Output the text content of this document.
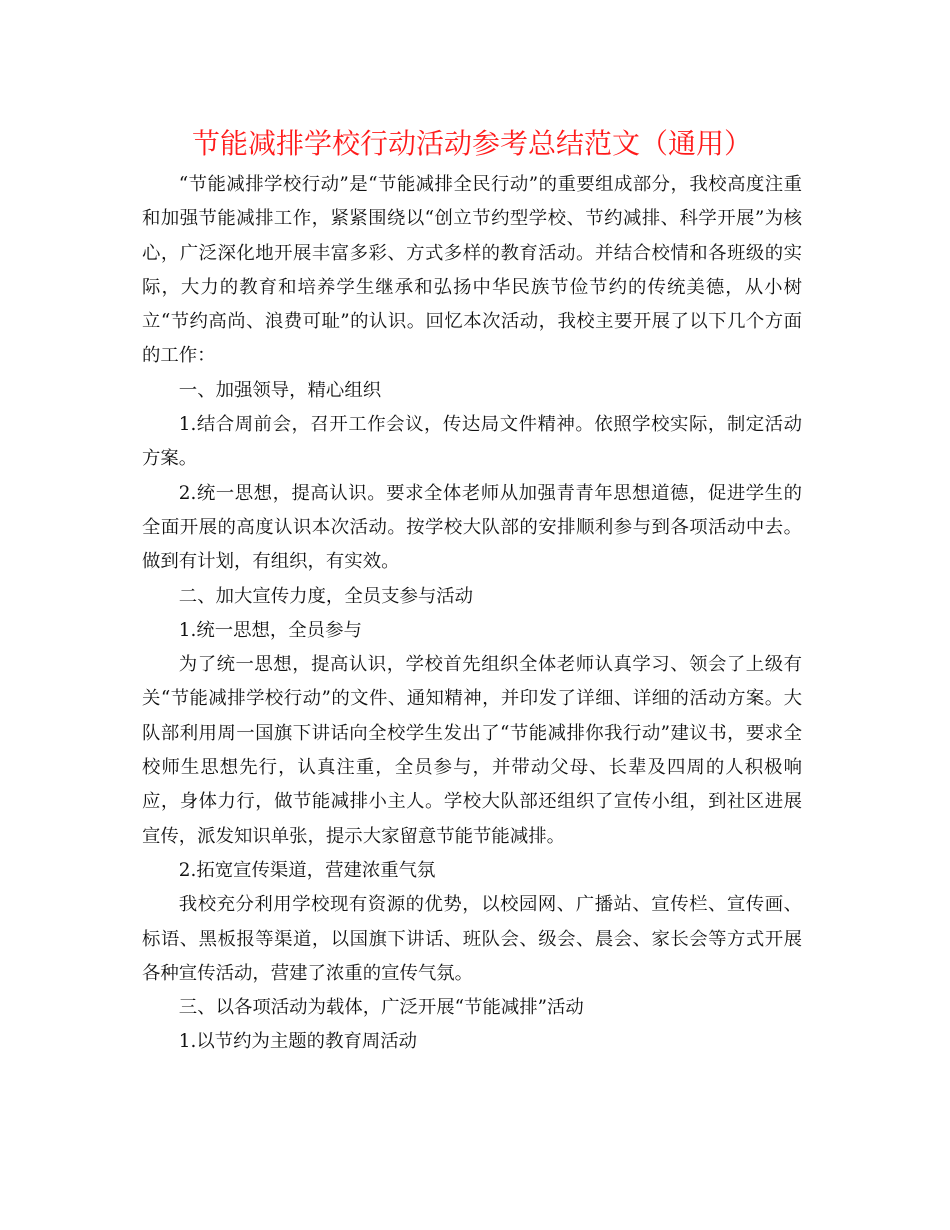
节能减排学校行动活动参考总结范文（通用）

“节能减排学校行动”是“节能减排全民行动”的重要组成部分，我校高度注重和加强节能减排工作，紧紧围绕以“创立节约型学校、节约减排、科学开展”为核心，广泛深化地开展丰富多彩、方式多样的教育活动。并结合校情和各班级的实际，大力的教育和培养学生继承和弘扬中华民族节俭节约的传统美德，从小树立“节约高尚、浪费可耻”的认识。回忆本次活动，我校主要开展了以下几个方面的工作：

一、加强领导，精心组织

1.结合周前会，召开工作会议，传达局文件精神。依照学校实际，制定活动方案。

2.统一思想，提高认识。要求全体老师从加强青青年思想道德，促进学生的全面开展的高度认识本次活动。按学校大队部的安排顺利参与到各项活动中去。做到有计划，有组织，有实效。

二、加大宣传力度，全员支参与活动

1.统一思想，全员参与

为了统一思想，提高认识，学校首先组织全体老师认真学习、领会了上级有关“节能减排学校行动”的文件、通知精神，并印发了详细、详细的活动方案。大队部利用周一国旗下讲话向全校学生发出了“节能减排你我行动”建议书，要求全校师生思想先行，认真注重，全员参与，并带动父母、长辈及四周的人积极响应，身体力行，做节能减排小主人。学校大队部还组织了宣传小组，到社区进展宣传，派发知识单张，提示大家留意节能节能减排。

2.拓宽宣传渠道，营建浓重气氛

我校充分利用学校现有资源的优势，以校园网、广播站、宣传栏、宣传画、标语、黑板报等渠道，以国旗下讲话、班队会、级会、晨会、家长会等方式开展各种宣传活动，营建了浓重的宣传气氛。

三、以各项活动为载体，广泛开展“节能减排”活动

1.以节约为主题的教育周活动
